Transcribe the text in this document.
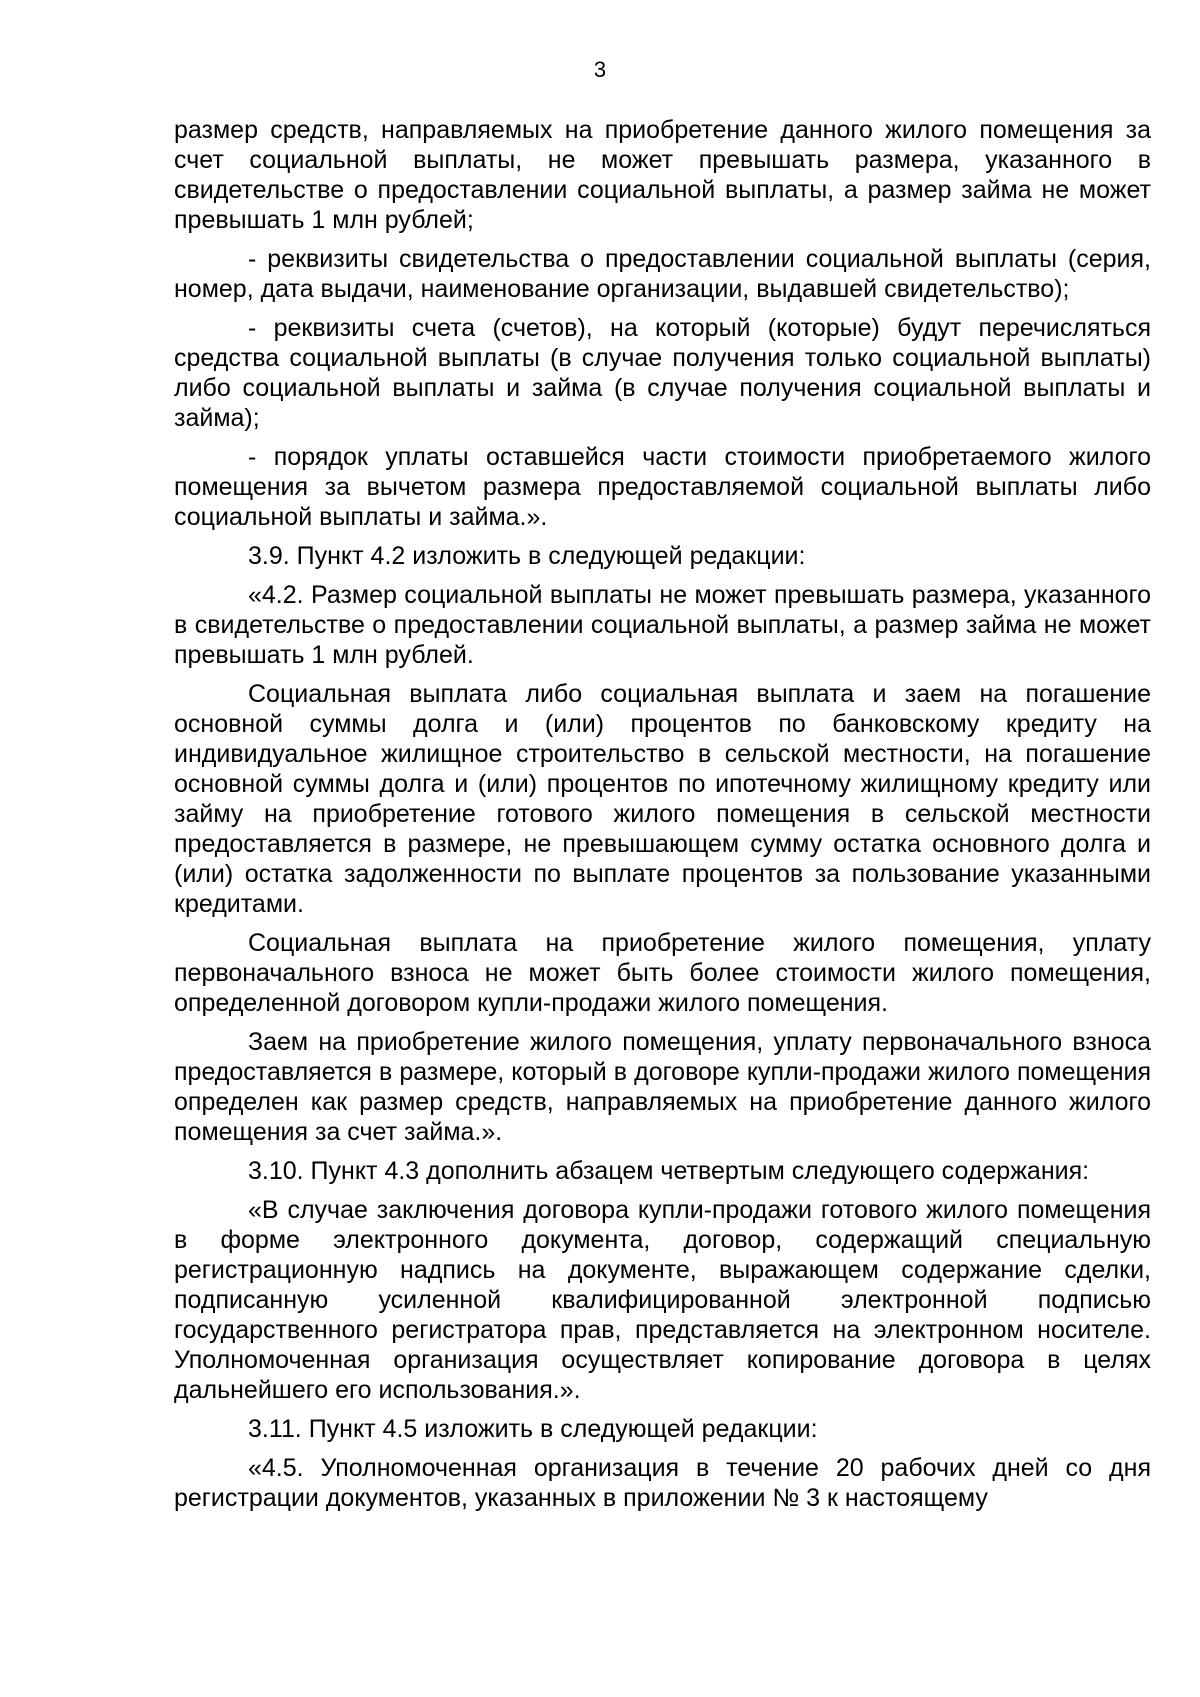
3

размер средств, направляемых на приобретение данного жилого помещения за счет социальной выплаты, не может превышать размера, указанного в свидетельстве о предоставлении социальной выплаты, а размер займа не может превышать 1 млн рублей;

- реквизиты свидетельства о предоставлении социальной выплаты (серия, номер, дата выдачи, наименование организации, выдавшей свидетельство);

- реквизиты счета (счетов), на который (которые) будут перечисляться средства социальной выплаты (в случае получения только социальной выплаты) либо социальной выплаты и займа (в случае получения социальной выплаты и займа);

- порядок уплаты оставшейся части стоимости приобретаемого жилого помещения за вычетом размера предоставляемой социальной выплаты либо социальной выплаты и займа.».

3.9. Пункт 4.2 изложить в следующей редакции:

«4.2. Размер социальной выплаты не может превышать размера, указанного в свидетельстве о предоставлении социальной выплаты, а размер займа не может превышать 1 млн рублей.

Социальная выплата либо социальная выплата и заем на погашение основной суммы долга и (или) процентов по банковскому кредиту на индивидуальное жилищное строительство в сельской местности, на погашение основной суммы долга и (или) процентов по ипотечному жилищному кредиту или займу на приобретение готового жилого помещения в сельской местности предоставляется в размере, не превышающем сумму остатка основного долга и (или) остатка задолженности по выплате процентов за пользование указанными кредитами.

Социальная выплата на приобретение жилого помещения, уплату первоначального взноса не может быть более стоимости жилого помещения, определенной договором купли-продажи жилого помещения.

Заем на приобретение жилого помещения, уплату первоначального взноса предоставляется в размере, который в договоре купли-продажи жилого помещения определен как размер средств, направляемых на приобретение данного жилого помещения за счет займа.».

3.10. Пункт 4.3 дополнить абзацем четвертым следующего содержания:

«В случае заключения договора купли-продажи готового жилого помещения в форме электронного документа, договор, содержащий специальную регистрационную надпись на документе, выражающем содержание сделки, подписанную усиленной квалифицированной электронной подписью государственного регистратора прав, представляется на электронном носителе. Уполномоченная организация осуществляет копирование договора в целях дальнейшего его использования.».

3.11. Пункт 4.5 изложить в следующей редакции:

«4.5. Уполномоченная организация в течение 20 рабочих дней со дня регистрации документов, указанных в приложении № 3 к настоящему
